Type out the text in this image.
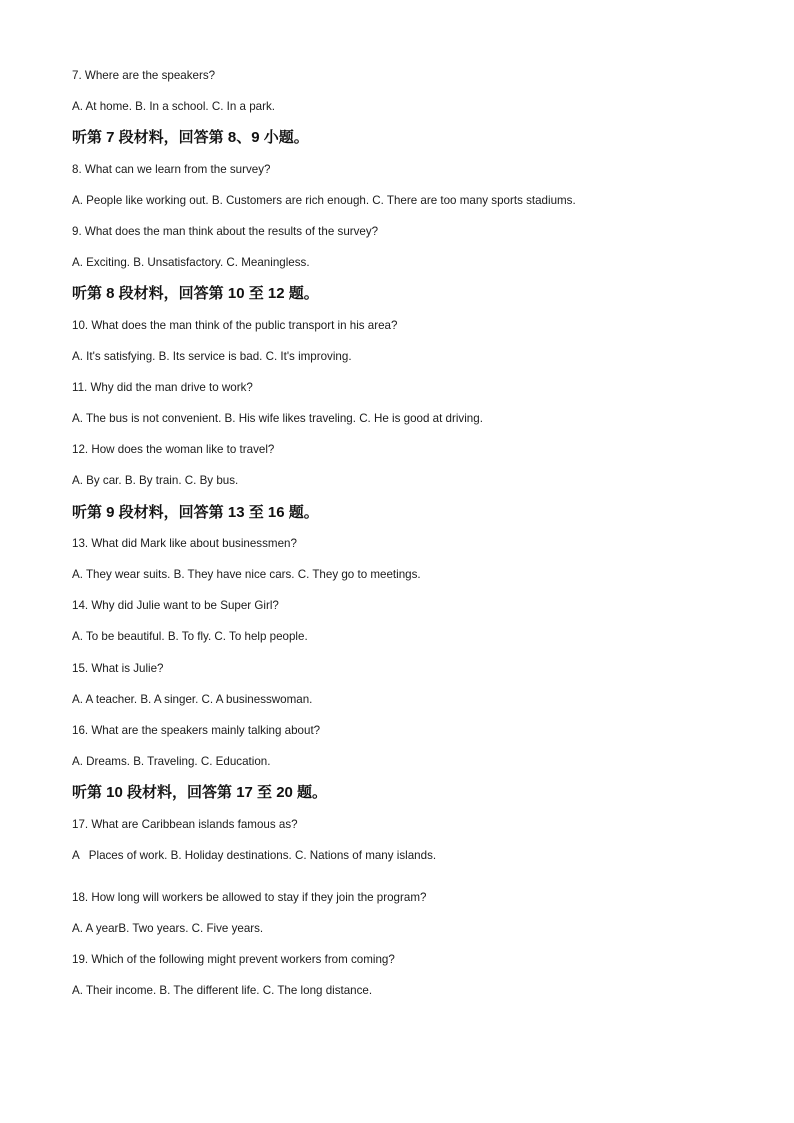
7. Where are the speakers?
A. At home. B. In a school. C. In a park.
听第 7 段材料，回答第 8、9 小题。
8. What can we learn from the survey?
A. People like working out. B. Customers are rich enough. C. There are too many sports stadiums.
9. What does the man think about the results of the survey?
A. Exciting. B. Unsatisfactory. C. Meaningless.
听第 8 段材料，回答第 10 至 12 题。
10. What does the man think of the public transport in his area?
A. It's satisfying. B. Its service is bad. C. It's improving.
11. Why did the man drive to work?
A. The bus is not convenient. B. His wife likes traveling. C. He is good at driving.
12. How does the woman like to travel?
A. By car. B. By train. C. By bus.
听第 9 段材料，回答第 13 至 16 题。
13. What did Mark like about businessmen?
A. They wear suits. B. They have nice cars. C. They go to meetings.
14. Why did Julie want to be Super Girl?
A. To be beautiful. B. To fly. C. To help people.
15. What is Julie?
A. A teacher. B. A singer. C. A businesswoman.
16. What are the speakers mainly talking about?
A. Dreams. B. Traveling. C. Education.
听第 10 段材料，回答第 17 至 20 题。
17. What are Caribbean islands famous as?
A   Places of work. B. Holiday destinations. C. Nations of many islands.
18. How long will workers be allowed to stay if they join the program?
A. A yearB. Two years. C. Five years.
19. Which of the following might prevent workers from coming?
A. Their income. B. The different life. C. The long distance.
